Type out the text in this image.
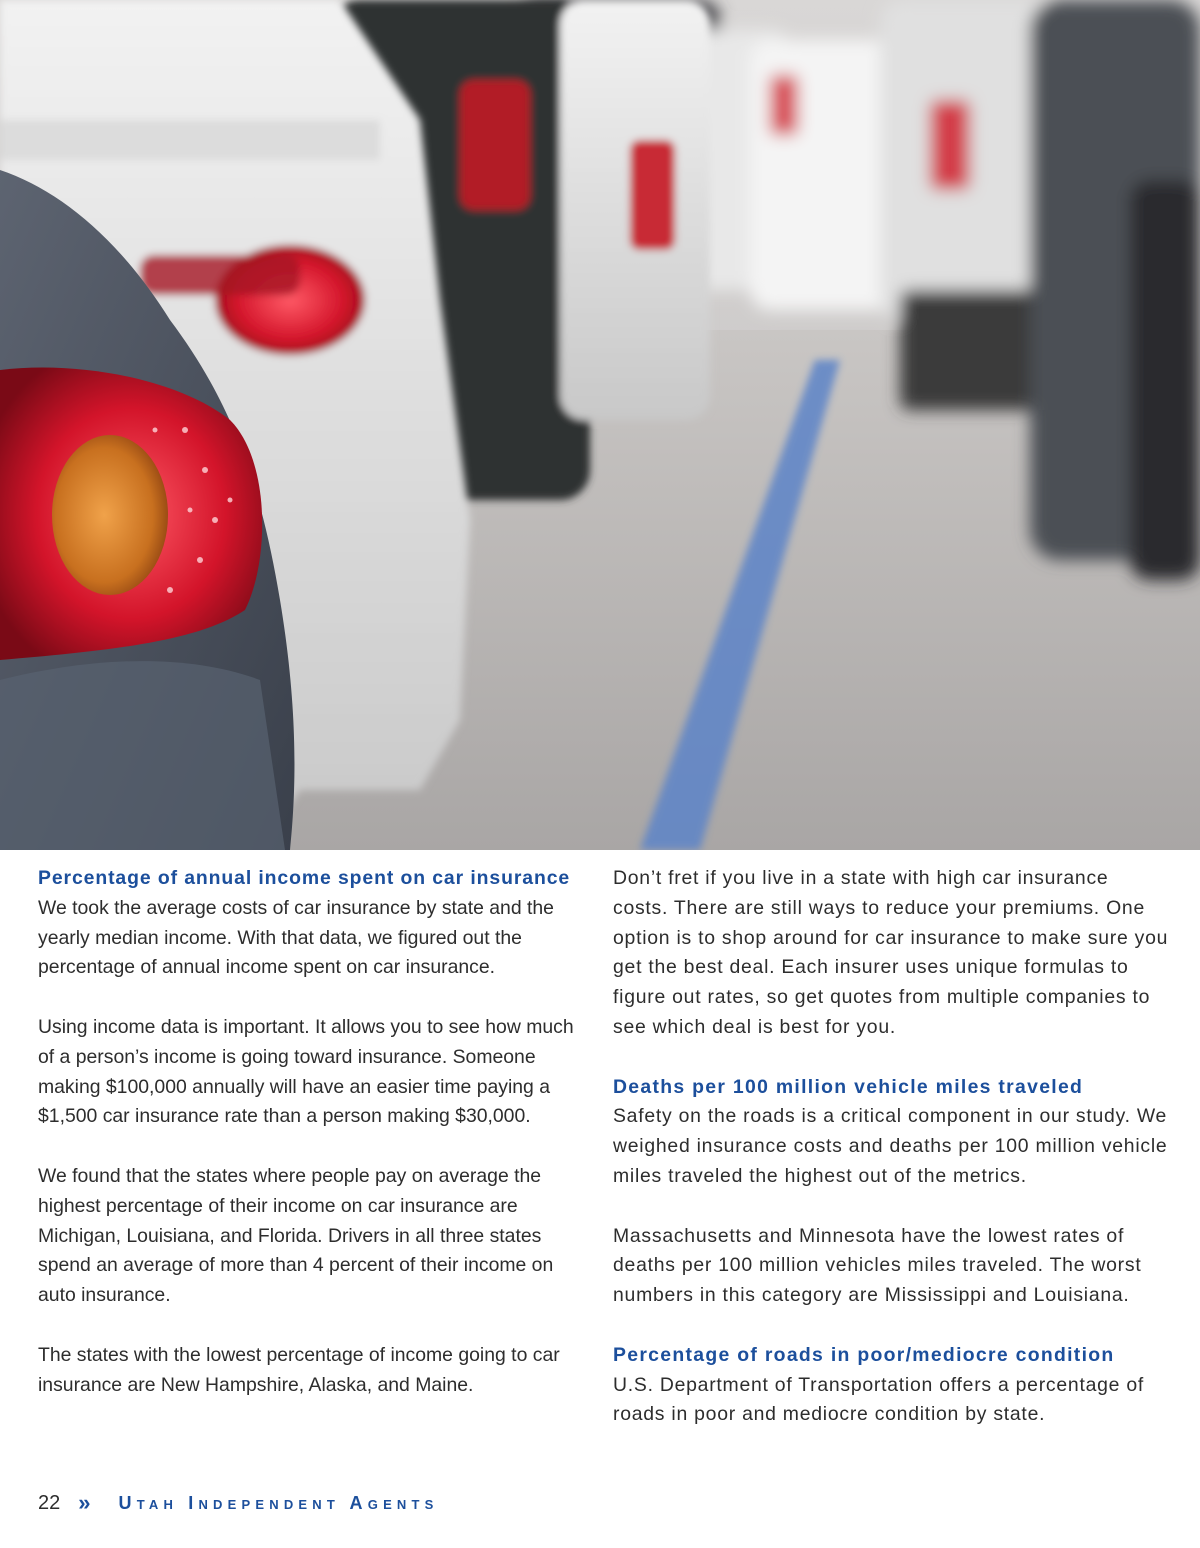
Percentage of annual income spent on car insurance

We took the average costs of car insurance by state and the yearly median income. With that data, we figured out the percentage of annual income spent on car insurance.

Using income data is important. It allows you to see how much of a person’s income is going toward insurance. Someone making $100,000 annually will have an easier time paying a $1,500 car insurance rate than a person making $30,000.

We found that the states where people pay on average the highest percentage of their income on car insurance are Michigan, Louisiana, and Florida. Drivers in all three states spend an average of more than 4 percent of their income on auto insurance.

The states with the lowest percentage of income going to car insurance are New Hampshire, Alaska, and Maine.

Don’t fret if you live in a state with high car insurance costs. There are still ways to reduce your premiums. One option is to shop around for car insurance to make sure you get the best deal. Each insurer uses unique formulas to figure out rates, so get quotes from multiple companies to see which deal is best for you.

Deaths per 100 million vehicle miles traveled

Safety on the roads is a critical component in our study. We weighed insurance costs and deaths per 100 million vehicle miles traveled the highest out of the metrics.

Massachusetts and Minnesota have the lowest rates of deaths per 100 million vehicles miles traveled. The worst numbers in this category are Mississippi and Louisiana.

Percentage of roads in poor/mediocre condition

U.S. Department of Transportation offers a percentage of roads in poor and mediocre condition by state.

22 » Utah Independent Agents
